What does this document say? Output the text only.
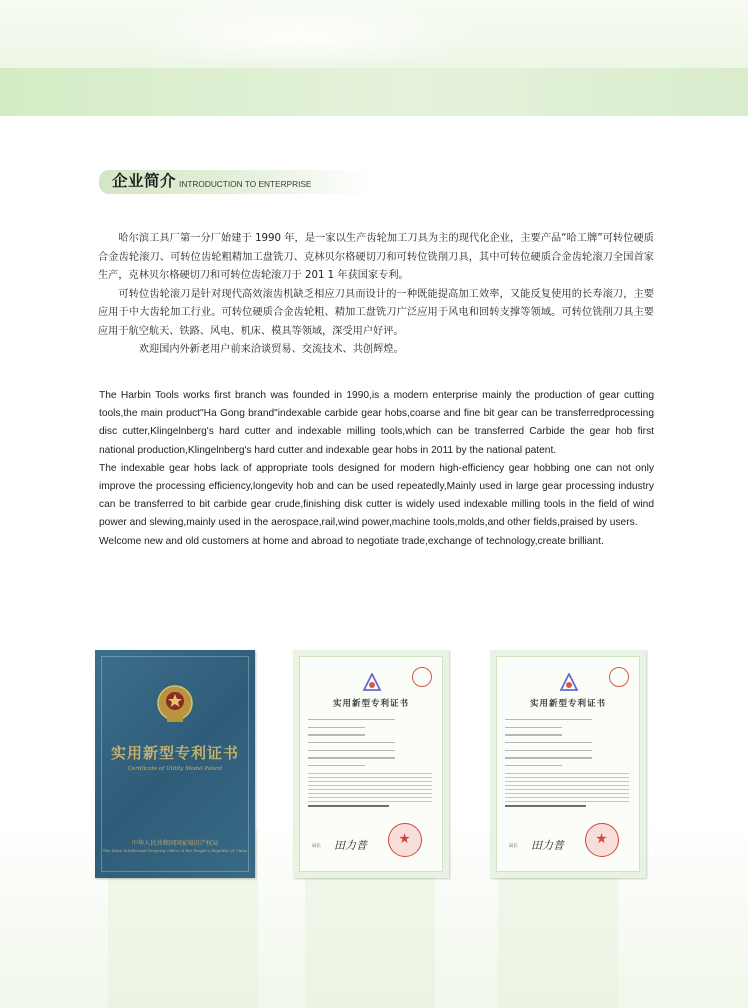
企业简介 INTRODUCTION TO ENTERPRISE

哈尔滨工具厂第一分厂始建于 1990 年，是一家以生产齿轮加工刀具为主的现代化企业，主要产品“哈工牌”可转位硬质合金齿轮滚刀、可转位齿轮粗精加工盘铣刀、克林贝尔格硬切刀和可转位铣削刀具，其中可转位硬质合金齿轮滚刀全国首家生产，克林贝尔格硬切刀和可转位齿轮滚刀于 201 1 年获国家专利。

可转位齿轮滚刀是针对现代高效滚齿机缺乏相应刀具而设计的一种既能提高加工效率，又能反复使用的长寿滚刀，主要应用于中大齿轮加工行业。可转位硬质合金齿轮粗、精加工盘铣刀广泛应用于风电和回转支撑等领域。可转位铣削刀具主要应用于航空航天、铁路、风电、机床、模具等领域，深受用户好评。

欢迎国内外新老用户前来洽谈贸易、交流技术、共创辉煌。

The Harbin Tools works first branch was founded in 1990,is a modern enterprise mainly the production of gear cutting tools,the main product"Ha Gong brand"indexable carbide gear hobs,coarse and fine bit gear can be transferredprocessing disc cutter,Klingelnberg's hard cutter and indexable milling tools,which can be transferred Carbide the gear hob first national production,Klingelnberg's hard cutter and indexable gear hobs in 2011 by the national patent.

The indexable gear hobs lack of appropriate tools designed for modern high-efficiency gear hobbing one can not only improve the processing efficiency,longevity hob and can be used repeatedly,Mainly used in large gear processing industry can be transferred to bit carbide gear crude,finishing disk cutter is widely used indexable milling tools in the field of wind power and slewing,mainly used in the aerospace,rail,wind power,machine tools,molds,and other fields,praised by users.

Welcome new and old customers at home and abroad to negotiate trade,exchange of technology,create brilliant.

实用新型专利证书
Certificate of Utility Model Patent
中华人民共和国国家知识产权局
The State Intellectual Property Office of the People's Republic of China
实用新型专利证书
局长 田力普
实用新型专利证书
局长 田力普
